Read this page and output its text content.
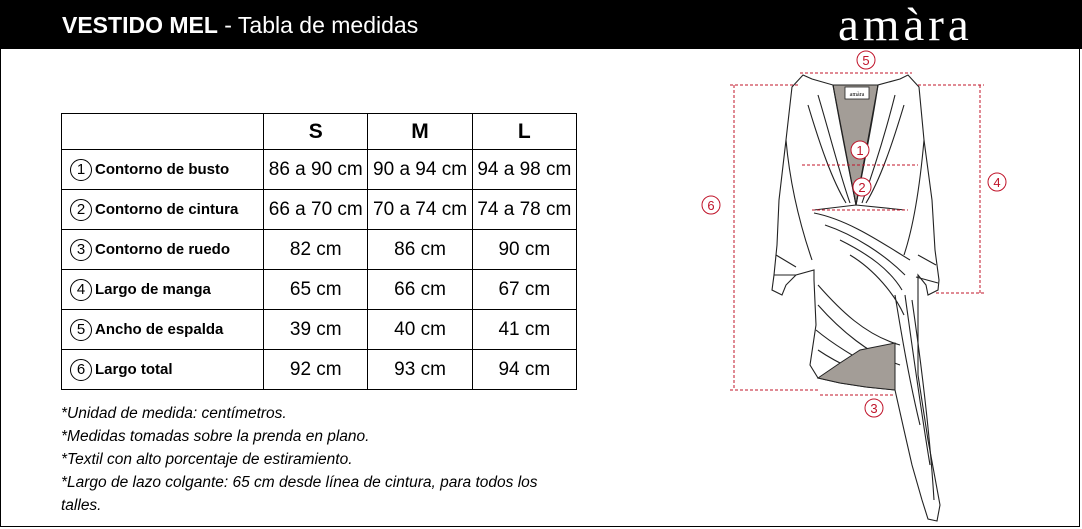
VESTIDO MEL - Tabla de medidas	amàra
	S	M	L
1 Contorno de busto	86 a 90 cm	90 a 94 cm	94 a 98 cm
2 Contorno de cintura	66 a 70 cm	70 a 74 cm	74 a 78 cm
3 Contorno de ruedo	82 cm	86 cm	90 cm
4 Largo de manga	65 cm	66 cm	67 cm
5 Ancho de espalda	39 cm	40 cm	41 cm
6 Largo total	92 cm	93 cm	94 cm

*Unidad de medida: centímetros.

*Medidas tomadas sobre la prenda en plano.

*Textil con alto porcentaje de estiramiento.

*Largo de lazo colgante: 65 cm desde línea de cintura, para todos los talles.

amàra
5
1
2	4
6
3
